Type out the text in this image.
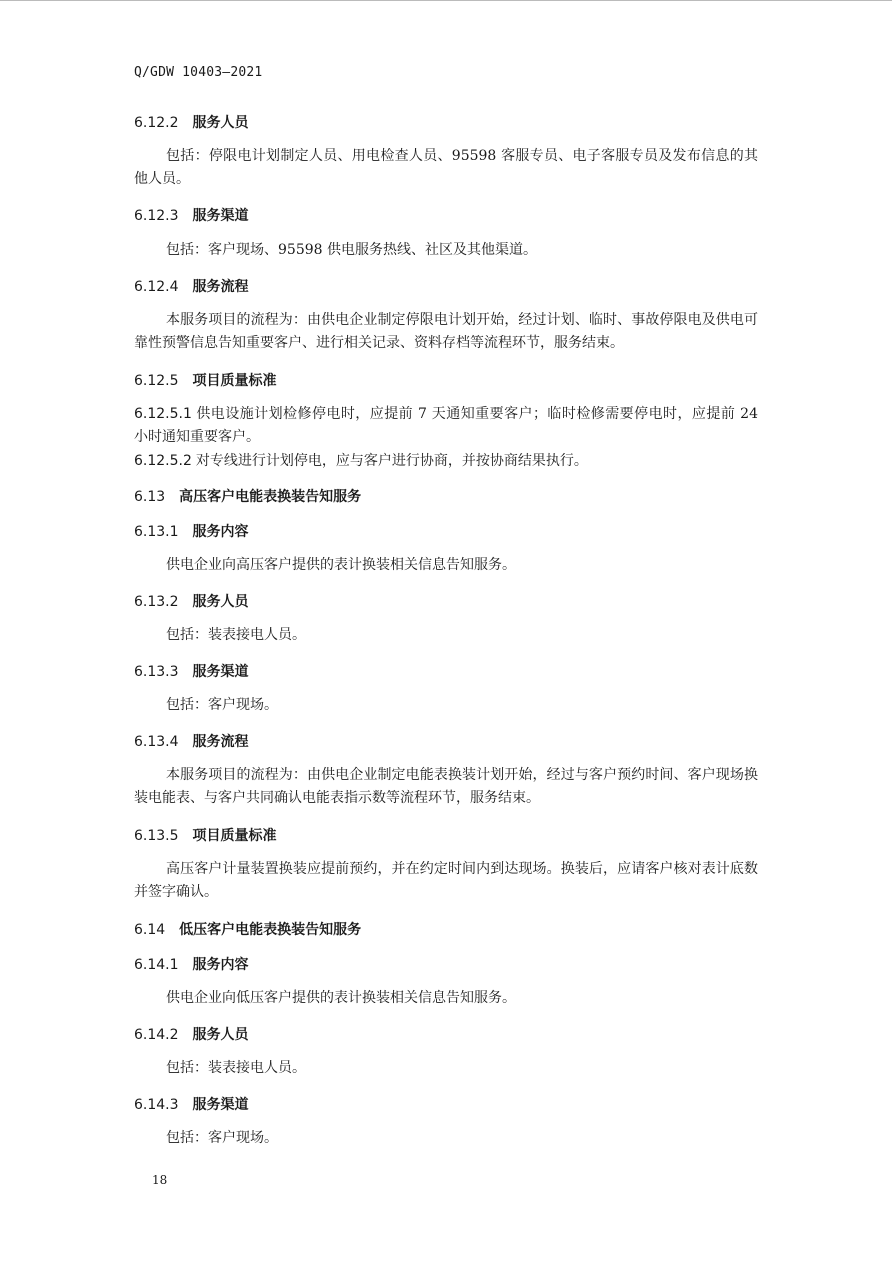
Q/GDW 10403—2021
6.12.2 服务人员
包括：停限电计划制定人员、用电检查人员、95598 客服专员、电子客服专员及发布信息的其他人员。
6.12.3 服务渠道
包括：客户现场、95598 供电服务热线、社区及其他渠道。
6.12.4 服务流程
本服务项目的流程为：由供电企业制定停限电计划开始，经过计划、临时、事故停限电及供电可靠性预警信息告知重要客户、进行相关记录、资料存档等流程环节，服务结束。
6.12.5 项目质量标准
6.12.5.1 供电设施计划检修停电时，应提前 7 天通知重要客户；临时检修需要停电时，应提前 24 小时通知重要客户。
6.12.5.2 对专线进行计划停电，应与客户进行协商，并按协商结果执行。
6.13 高压客户电能表换装告知服务
6.13.1 服务内容
供电企业向高压客户提供的表计换装相关信息告知服务。
6.13.2 服务人员
包括：装表接电人员。
6.13.3 服务渠道
包括：客户现场。
6.13.4 服务流程
本服务项目的流程为：由供电企业制定电能表换装计划开始，经过与客户预约时间、客户现场换装电能表、与客户共同确认电能表指示数等流程环节，服务结束。
6.13.5 项目质量标准
高压客户计量装置换装应提前预约，并在约定时间内到达现场。换装后，应请客户核对表计底数并签字确认。
6.14 低压客户电能表换装告知服务
6.14.1 服务内容
供电企业向低压客户提供的表计换装相关信息告知服务。
6.14.2 服务人员
包括：装表接电人员。
6.14.3 服务渠道
包括：客户现场。
18
